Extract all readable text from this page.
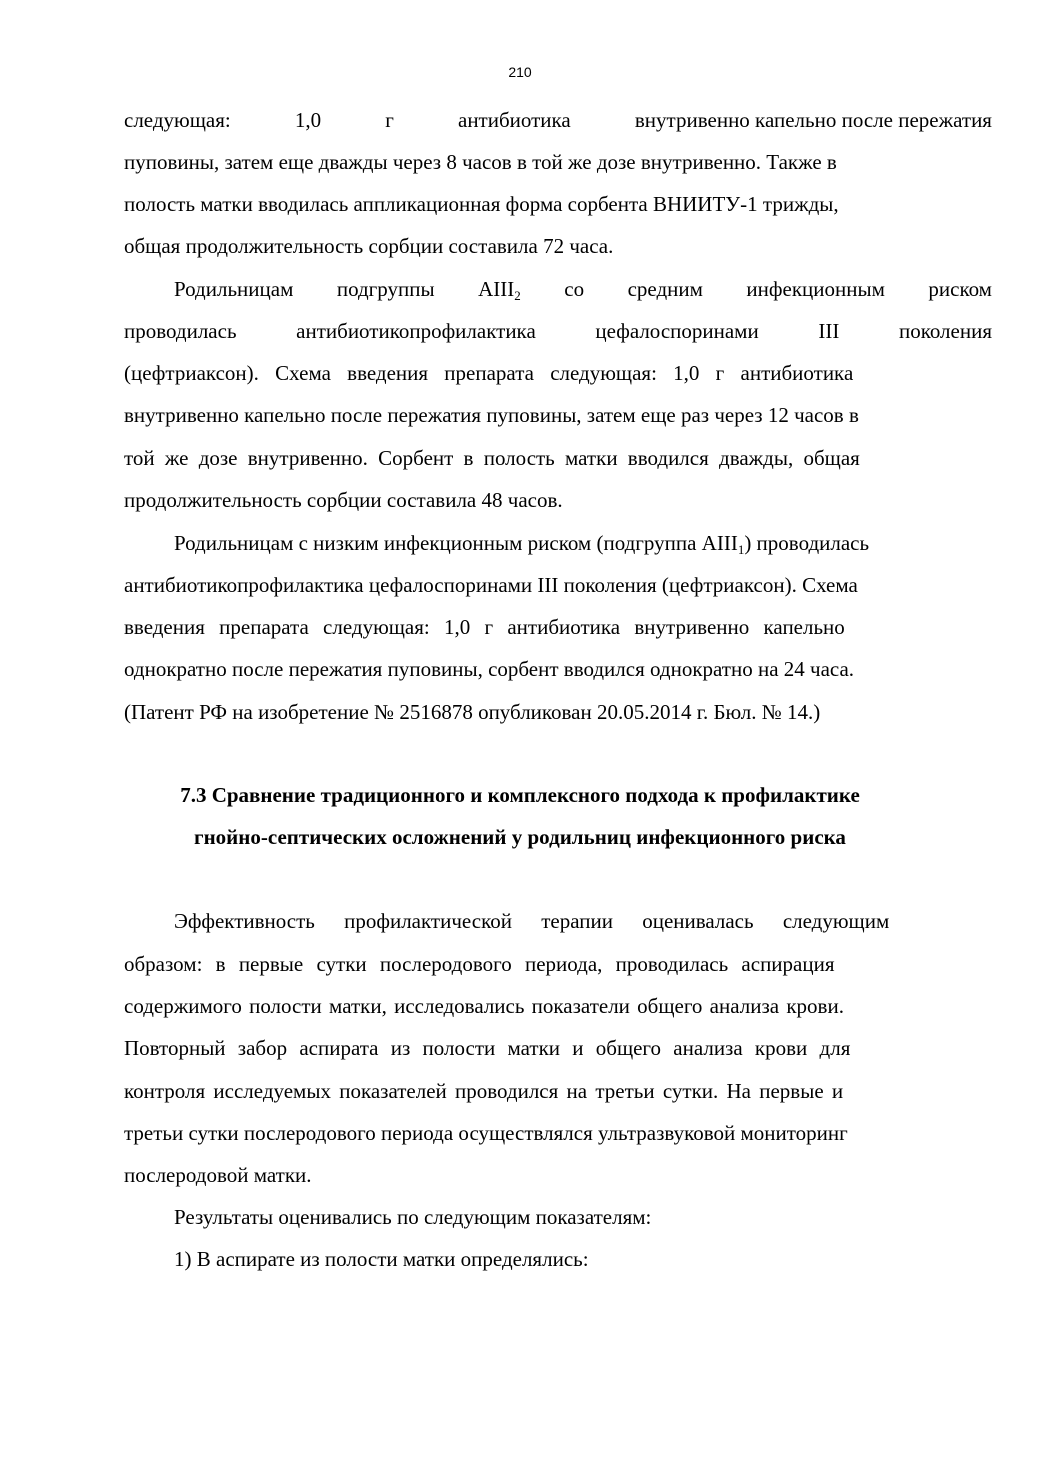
210
следующая:	1,0	г	антибиотика	внутривенно капельно после пережатия
пуповины, затем еще дважды через 8 часов в той же дозе внутривенно. Также в
полость матки вводилась аппликационная форма сорбента ВНИИТУ-1 трижды,
общая продолжительность сорбции составила 72 часа.
Родильницам подгруппы $АIII_2$ со средним инфекционным риском
проводилась	антибиотикопрофилактика	цефалоспоринами	III	поколения
(цефтриаксон). Схема введения препарата следующая: 1,0 г антибиотика
внутривенно капельно после пережатия пуповины, затем еще раз через 12 часов в
той же дозе внутривенно. Сорбент в полость матки вводился дважды, общая
продолжительность сорбции составила 48 часов.
Родильницам с низким инфекционным риском (подгруппа $АIII_1$) проводилась
антибиотикопрофилактика цефалоспоринами III поколения (цефтриаксон). Схема
введения препарата следующая: 1,0 г антибиотика внутривенно капельно
однократно после пережатия пуповины, сорбент вводился однократно на 24 часа.
(Патент РФ на изобретение № 2516878 опубликован 20.05.2014 г. Бюл. № 14.)
7.3 Сравнение традиционного и комплексного подхода к профилактике
гнойно-септических осложнений у родильниц инфекционного риска
Эффективность профилактической терапии оценивалась следующим
образом: в первые сутки послеродового периода, проводилась аспирация
содержимого полости матки, исследовались показатели общего анализа крови.
Повторный забор аспирата из полости матки и общего анализа крови для
контроля исследуемых показателей проводился на третьи сутки. На первые и
третьи сутки послеродового периода осуществлялся ультразвуковой мониторинг
послеродовой матки.
Результаты оценивались по следующим показателям:
1) В аспирате из полости матки определялись:
